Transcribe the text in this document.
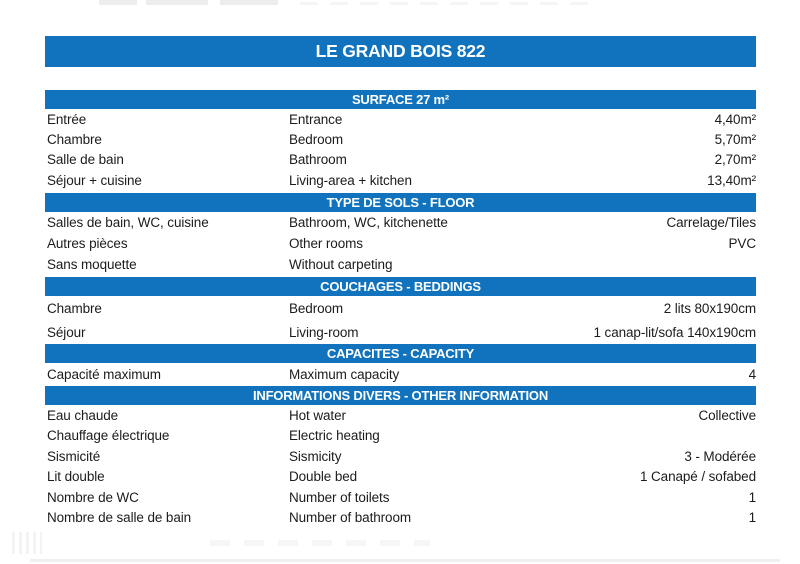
LE GRAND BOIS 822
SURFACE 27 m²
Entrée	Entrance	4,40m²
Chambre	Bedroom	5,70m²
Salle de bain	Bathroom	2,70m²
Séjour + cuisine	Living-area + kitchen	13,40m²
TYPE DE SOLS - FLOOR
Salles de bain, WC, cuisine	Bathroom, WC, kitchenette	Carrelage/Tiles
Autres pièces	Other rooms	PVC
Sans moquette	Without carpeting
COUCHAGES - BEDDINGS
Chambre	Bedroom	2 lits 80x190cm
Séjour	Living-room	1 canap-lit/sofa 140x190cm
CAPACITES - CAPACITY
Capacité maximum	Maximum capacity	4
INFORMATIONS DIVERS - OTHER INFORMATION
Eau chaude	Hot water	Collective
Chauffage électrique	Electric heating
Sismicité	Sismicity	3 - Modérée
Lit double	Double bed	1 Canapé / sofabed
Nombre de WC	Number of toilets	1
Nombre de salle de bain	Number of bathroom	1
